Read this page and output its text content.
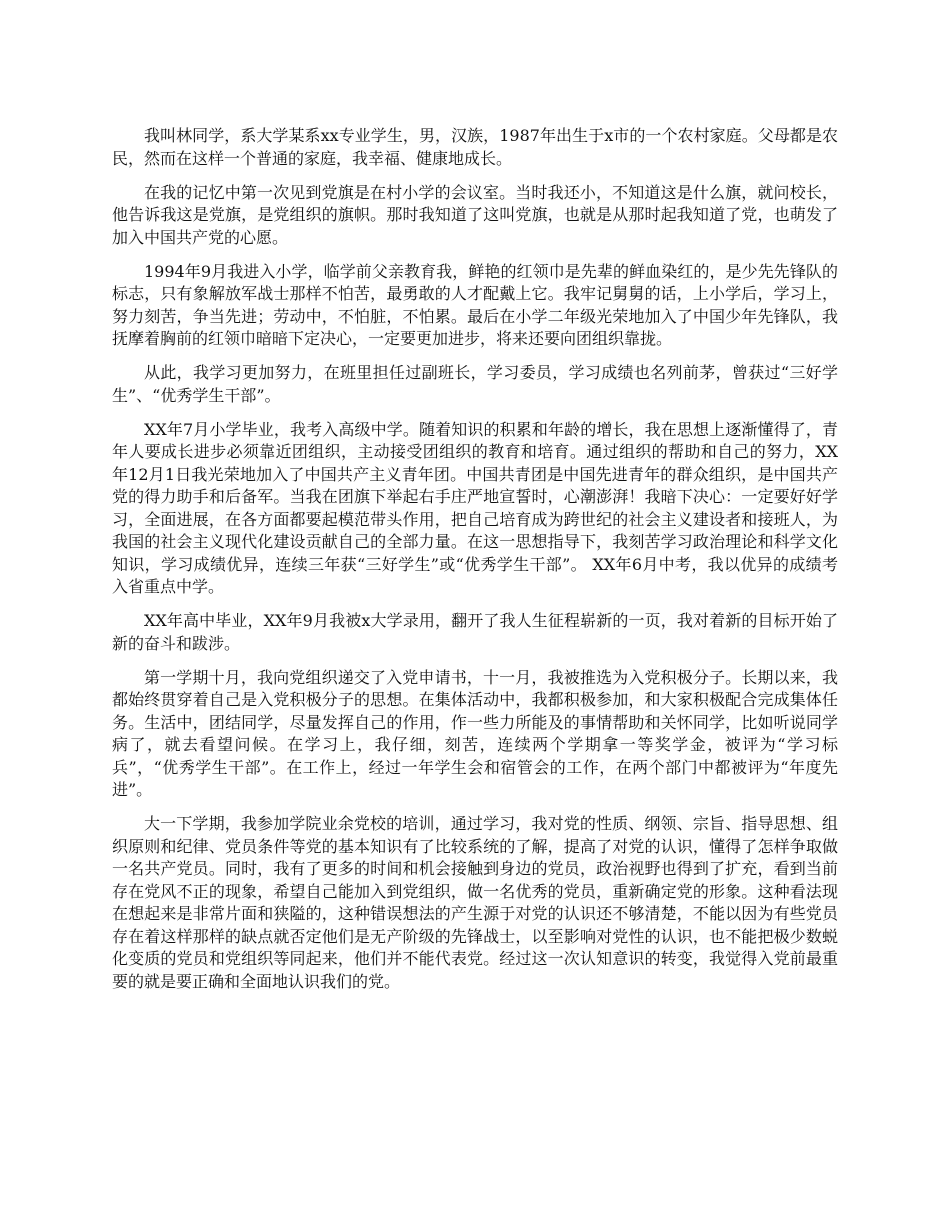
我叫林同学，系大学某系xx专业学生，男，汉族，1987年出生于x市的一个农村家庭。父母都是农民，然而在这样一个普通的家庭，我幸福、健康地成长。

在我的记忆中第一次见到党旗是在村小学的会议室。当时我还小，不知道这是什么旗，就问校长，他告诉我这是党旗，是党组织的旗帜。那时我知道了这叫党旗，也就是从那时起我知道了党，也萌发了加入中国共产党的心愿。

1994年9月我进入小学，临学前父亲教育我，鲜艳的红领巾是先辈的鲜血染红的，是少先先锋队的标志，只有象解放军战士那样不怕苦，最勇敢的人才配戴上它。我牢记舅舅的话，上小学后，学习上，努力刻苦，争当先进；劳动中，不怕脏，不怕累。最后在小学二年级光荣地加入了中国少年先锋队，我抚摩着胸前的红领巾暗暗下定决心，一定要更加进步，将来还要向团组织靠拢。

从此，我学习更加努力，在班里担任过副班长，学习委员，学习成绩也名列前茅，曾获过“三好学生”、“优秀学生干部”。

XX年7月小学毕业，我考入高级中学。随着知识的积累和年龄的增长，我在思想上逐渐懂得了，青年人要成长进步必须靠近团组织，主动接受团组织的教育和培育。通过组织的帮助和自己的努力，XX年12月1日我光荣地加入了中国共产主义青年团。中国共青团是中国先进青年的群众组织，是中国共产党的得力助手和后备军。当我在团旗下举起右手庄严地宣誓时，心潮澎湃！我暗下决心：一定要好好学习，全面进展，在各方面都要起模范带头作用，把自己培育成为跨世纪的社会主义建设者和接班人，为我国的社会主义现代化建设贡献自己的全部力量。在这一思想指导下，我刻苦学习政治理论和科学文化知识，学习成绩优异，连续三年获“三好学生”或“优秀学生干部”。 XX年6月中考，我以优异的成绩考入省重点中学。

XX年高中毕业，XX年9月我被x大学录用，翻开了我人生征程崭新的一页，我对着新的目标开始了新的奋斗和跋涉。

第一学期十月，我向党组织递交了入党申请书，十一月，我被推选为入党积极分子。长期以来，我都始终贯穿着自己是入党积极分子的思想。在集体活动中，我都积极参加，和大家积极配合完成集体任务。生活中，团结同学，尽量发挥自己的作用，作一些力所能及的事情帮助和关怀同学，比如听说同学病了，就去看望问候。在学习上，我仔细，刻苦，连续两个学期拿一等奖学金，被评为“学习标兵”，“优秀学生干部”。在工作上，经过一年学生会和宿管会的工作，在两个部门中都被评为“年度先进”。

大一下学期，我参加学院业余党校的培训，通过学习，我对党的性质、纲领、宗旨、指导思想、组织原则和纪律、党员条件等党的基本知识有了比较系统的了解，提高了对党的认识，懂得了怎样争取做一名共产党员。同时，我有了更多的时间和机会接触到身边的党员，政治视野也得到了扩充，看到当前存在党风不正的现象，希望自己能加入到党组织，做一名优秀的党员，重新确定党的形象。这种看法现在想起来是非常片面和狭隘的，这种错误想法的产生源于对党的认识还不够清楚，不能以因为有些党员存在着这样那样的缺点就否定他们是无产阶级的先锋战士，以至影响对党性的认识，也不能把极少数蜕化变质的党员和党组织等同起来，他们并不能代表党。经过这一次认知意识的转变，我觉得入党前最重要的就是要正确和全面地认识我们的党。
